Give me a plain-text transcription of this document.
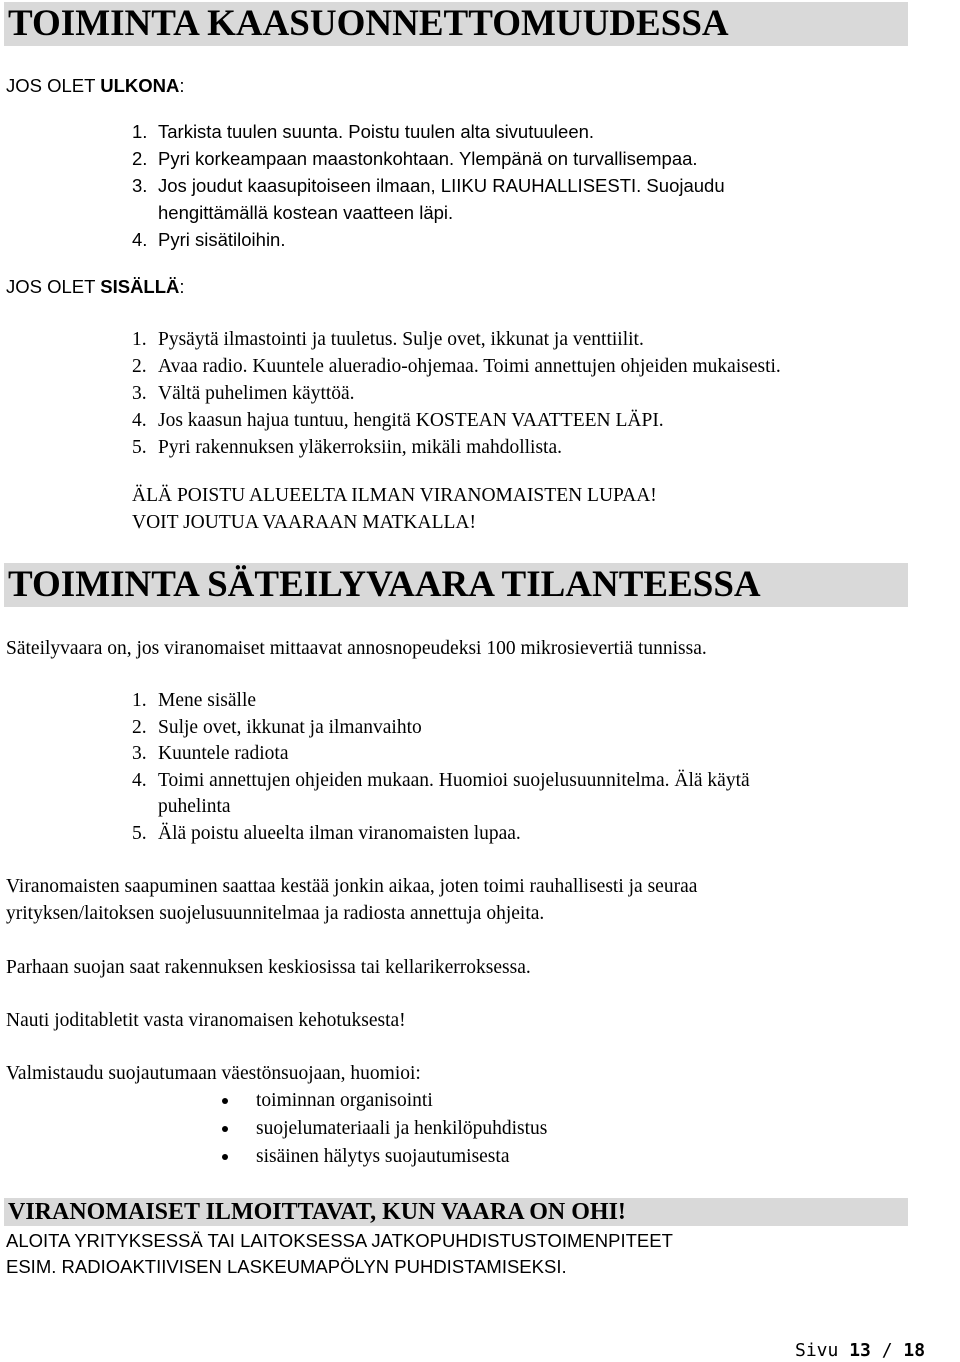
TOIMINTA KAASUONNETTOMUUDESSA
JOS OLET ULKONA:
1. Tarkista tuulen suunta. Poistu tuulen alta sivutuuleen.
2. Pyri korkeampaan maastonkohtaan. Ylempänä on turvallisempaa.
3. Jos joudut kaasupitoiseen ilmaan, LIIKU RAUHALLISESTI. Suojaudu
hengittämällä kostean vaatteen läpi.
4. Pyri sisätiloihin.
JOS OLET SISÄLLÄ:
1. Pysäytä ilmastointi ja tuuletus. Sulje ovet, ikkunat ja venttiilit.
2. Avaa radio. Kuuntele alueradio-ohjemaa. Toimi annettujen ohjeiden mukaisesti.
3. Vältä puhelimen käyttöä.
4. Jos kaasun hajua tuntuu, hengitä KOSTEAN VAATTEEN LÄPI.
5. Pyri rakennuksen yläkerroksiin, mikäli mahdollista.
ÄLÄ POISTU ALUEELTA ILMAN VIRANOMAISTEN LUPAA!
VOIT JOUTUA VAARAAN MATKALLA!
TOIMINTA SÄTEILYVAARA TILANTEESSA
Säteilyvaara on, jos viranomaiset mittaavat annosnopeudeksi 100 mikrosievertiä tunnissa.
1. Mene sisälle
2. Sulje ovet, ikkunat ja ilmanvaihto
3. Kuuntele radiota
4. Toimi annettujen ohjeiden mukaan. Huomioi suojelusuunnitelma. Älä käytä
puhelinta
5. Älä poistu alueelta ilman viranomaisten lupaa.
Viranomaisten saapuminen saattaa kestää jonkin aikaa, joten toimi rauhallisesti ja seuraa
yrityksen/laitoksen suojelusuunnitelmaa ja radiosta annettuja ohjeita.
Parhaan suojan saat rakennuksen keskiosissa tai kellarikerroksessa.
Nauti joditabletit vasta viranomaisen kehotuksesta!
Valmistaudu suojautumaan väestönsuojaan, huomioi:
toiminnan organisointi
suojelumateriaali ja henkilöpuhdistus
sisäinen hälytys suojautumisesta
VIRANOMAISET ILMOITTAVAT, KUN VAARA ON OHI!
ALOITA YRITYKSESSÄ TAI LAITOKSESSA JATKOPUHDISTUSTOIMENPITEET
ESIM. RADIOAKTIIVISEN LASKEUMAPÖLYN PUHDISTAMISEKSI.
Sivu 13 / 18
